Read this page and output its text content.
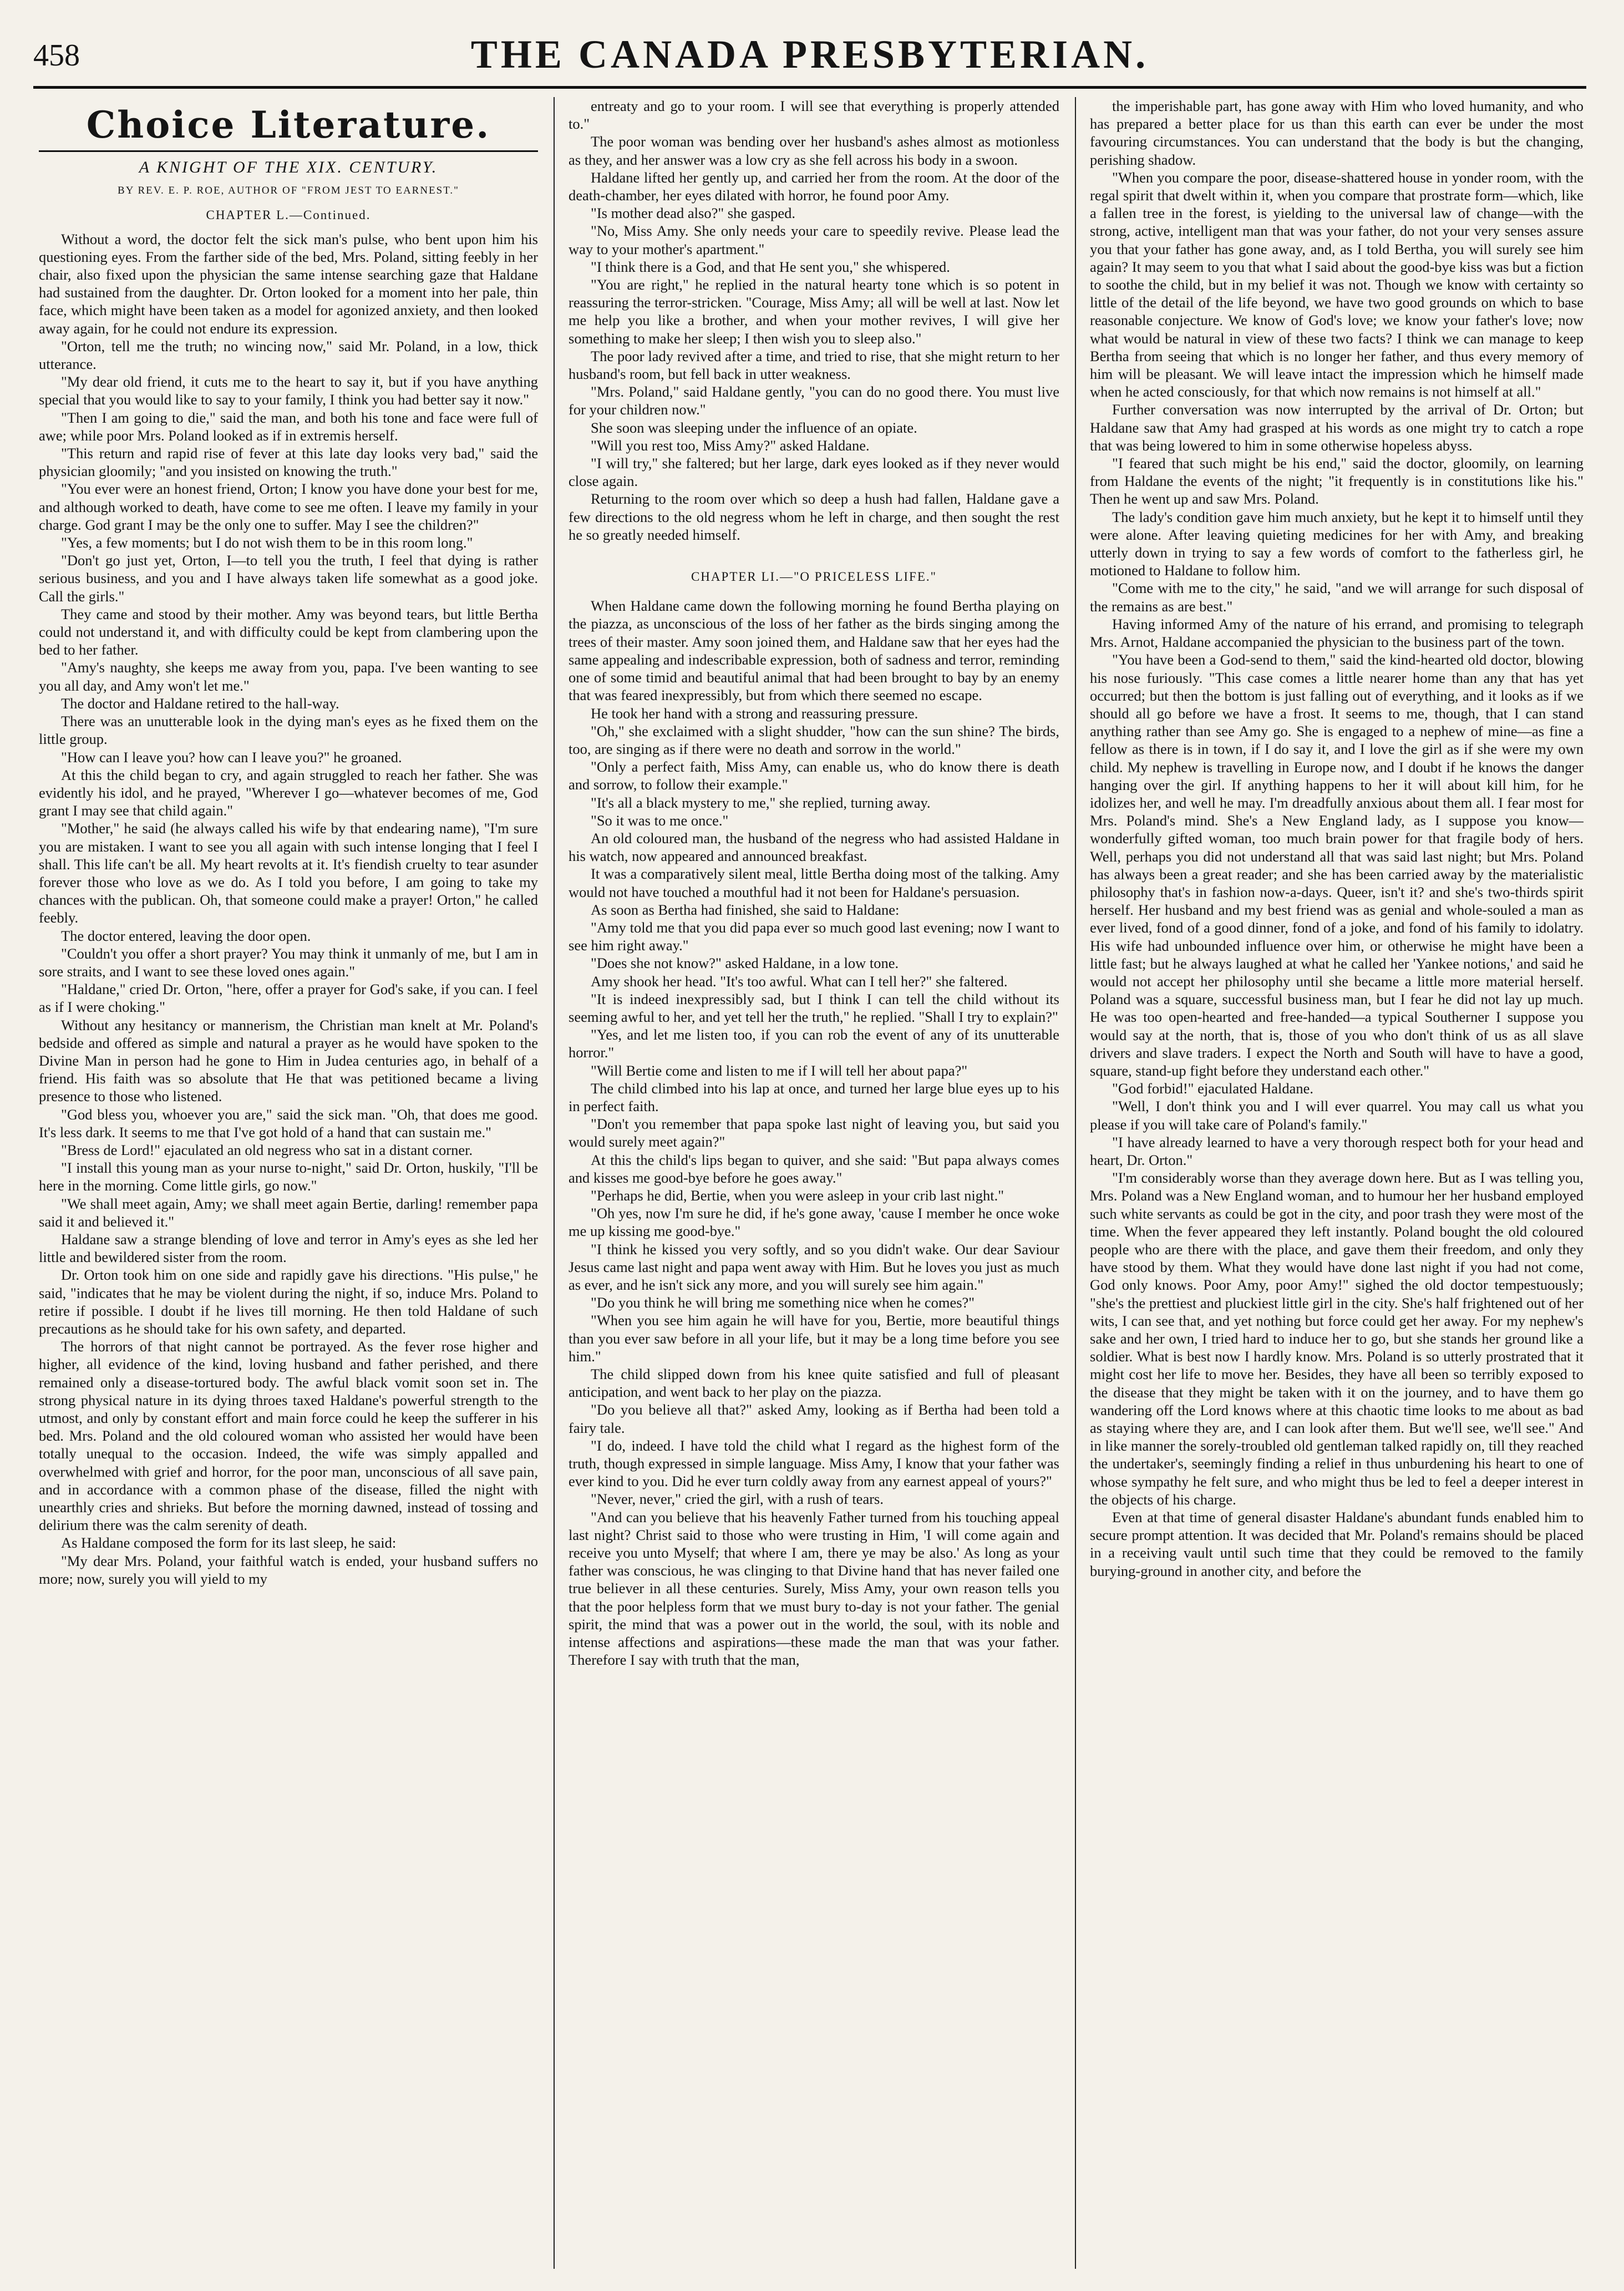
458	THE CANADA PRESBYTERIAN.
Choice Literature.
A KNIGHT OF THE XIX. CENTURY.
BY REV. E. P. ROE, AUTHOR OF "FROM JEST TO EARNEST."
CHAPTER L.—Continued.

Without a word, the doctor felt the sick man's pulse, who bent upon him his questioning eyes. From the farther side of the bed, Mrs. Poland, sitting feebly in her chair, also fixed upon the physician the same intense searching gaze that Haldane had sustained from the daughter. Dr. Orton looked for a moment into her pale, thin face, which might have been taken as a model for agonized anxiety, and then looked away again, for he could not endure its expression.

"Orton, tell me the truth; no wincing now," said Mr. Poland, in a low, thick utterance.

"My dear old friend, it cuts me to the heart to say it, but if you have anything special that you would like to say to your family, I think you had better say it now."

"Then I am going to die," said the man, and both his tone and face were full of awe; while poor Mrs. Poland looked as if in extremis herself.

"This return and rapid rise of fever at this late day looks very bad," said the physician gloomily; "and you insisted on knowing the truth."

"You ever were an honest friend, Orton; I know you have done your best for me, and although worked to death, have come to see me often. I leave my family in your charge. God grant I may be the only one to suffer. May I see the children?"

"Yes, a few moments; but I do not wish them to be in this room long."

"Don't go just yet, Orton, I—to tell you the truth, I feel that dying is rather serious business, and you and I have always taken life somewhat as a good joke. Call the girls."

They came and stood by their mother. Amy was beyond tears, but little Bertha could not understand it, and with difficulty could be kept from clambering upon the bed to her father.

"Amy's naughty, she keeps me away from you, papa. I've been wanting to see you all day, and Amy won't let me."

The doctor and Haldane retired to the hall-way.

There was an unutterable look in the dying man's eyes as he fixed them on the little group.

"How can I leave you? how can I leave you?" he groaned.

At this the child began to cry, and again struggled to reach her father. She was evidently his idol, and he prayed, "Wherever I go—whatever becomes of me, God grant I may see that child again."

"Mother," he said (he always called his wife by that endearing name), "I'm sure you are mistaken. I want to see you all again with such intense longing that I feel I shall. This life can't be all. My heart revolts at it. It's fiendish cruelty to tear asunder forever those who love as we do. As I told you before, I am going to take my chances with the publican. Oh, that someone could make a prayer! Orton," he called feebly.

The doctor entered, leaving the door open.

"Couldn't you offer a short prayer? You may think it unmanly of me, but I am in sore straits, and I want to see these loved ones again."

"Haldane," cried Dr. Orton, "here, offer a prayer for God's sake, if you can. I feel as if I were choking."

Without any hesitancy or mannerism, the Christian man knelt at Mr. Poland's bedside and offered as simple and natural a prayer as he would have spoken to the Divine Man in person had he gone to Him in Judea centuries ago, in behalf of a friend. His faith was so absolute that He that was petitioned became a living presence to those who listened.

"God bless you, whoever you are," said the sick man. "Oh, that does me good. It's less dark. It seems to me that I've got hold of a hand that can sustain me."

"Bress de Lord!" ejaculated an old negress who sat in a distant corner.

"I install this young man as your nurse to-night," said Dr. Orton, huskily, "I'll be here in the morning. Come little girls, go now."

"We shall meet again, Amy; we shall meet again Bertie, darling! remember papa said it and believed it."

Haldane saw a strange blending of love and terror in Amy's eyes as she led her little and bewildered sister from the room.

Dr. Orton took him on one side and rapidly gave his directions. "His pulse," he said, "indicates that he may be violent during the night, if so, induce Mrs. Poland to retire if possible. I doubt if he lives till morning. He then told Haldane of such precautions as he should take for his own safety, and departed.

The horrors of that night cannot be portrayed. As the fever rose higher and higher, all evidence of the kind, loving husband and father perished, and there remained only a disease-tortured body. The awful black vomit soon set in. The strong physical nature in its dying throes taxed Haldane's powerful strength to the utmost, and only by constant effort and main force could he keep the sufferer in his bed. Mrs. Poland and the old coloured woman who assisted her would have been totally unequal to the occasion. Indeed, the wife was simply appalled and overwhelmed with grief and horror, for the poor man, unconscious of all save pain, and in accordance with a common phase of the disease, filled the night with unearthly cries and shrieks. But before the morning dawned, instead of tossing and delirium there was the calm serenity of death.

As Haldane composed the form for its last sleep, he said:

"My dear Mrs. Poland, your faithful watch is ended, your husband suffers no more; now, surely you will yield to my

entreaty and go to your room. I will see that everything is properly attended to."

The poor woman was bending over her husband's ashes almost as motionless as they, and her answer was a low cry as she fell across his body in a swoon.

Haldane lifted her gently up, and carried her from the room. At the door of the death-chamber, her eyes dilated with horror, he found poor Amy.

"Is mother dead also?" she gasped.

"No, Miss Amy. She only needs your care to speedily revive. Please lead the way to your mother's apartment."

"I think there is a God, and that He sent you," she whispered.

"You are right," he replied in the natural hearty tone which is so potent in reassuring the terror-stricken. "Courage, Miss Amy; all will be well at last. Now let me help you like a brother, and when your mother revives, I will give her something to make her sleep; I then wish you to sleep also."

The poor lady revived after a time, and tried to rise, that she might return to her husband's room, but fell back in utter weakness.

"Mrs. Poland," said Haldane gently, "you can do no good there. You must live for your children now."

She soon was sleeping under the influence of an opiate.

"Will you rest too, Miss Amy?" asked Haldane.

"I will try," she faltered; but her large, dark eyes looked as if they never would close again.

Returning to the room over which so deep a hush had fallen, Haldane gave a few directions to the old negress whom he left in charge, and then sought the rest he so greatly needed himself.

CHAPTER LI.—"O PRICELESS LIFE."

When Haldane came down the following morning he found Bertha playing on the piazza, as unconscious of the loss of her father as the birds singing among the trees of their master. Amy soon joined them, and Haldane saw that her eyes had the same appealing and indescribable expression, both of sadness and terror, reminding one of some timid and beautiful animal that had been brought to bay by an enemy that was feared inexpressibly, but from which there seemed no escape.

He took her hand with a strong and reassuring pressure.

"Oh," she exclaimed with a slight shudder, "how can the sun shine? The birds, too, are singing as if there were no death and sorrow in the world."

"Only a perfect faith, Miss Amy, can enable us, who do know there is death and sorrow, to follow their example."

"It's all a black mystery to me," she replied, turning away.

"So it was to me once."

An old coloured man, the husband of the negress who had assisted Haldane in his watch, now appeared and announced breakfast.

It was a comparatively silent meal, little Bertha doing most of the talking. Amy would not have touched a mouthful had it not been for Haldane's persuasion.

As soon as Bertha had finished, she said to Haldane:

"Amy told me that you did papa ever so much good last evening; now I want to see him right away."

"Does she not know?" asked Haldane, in a low tone.

Amy shook her head. "It's too awful. What can I tell her?" she faltered.

"It is indeed inexpressibly sad, but I think I can tell the child without its seeming awful to her, and yet tell her the truth," he replied. "Shall I try to explain?"

"Yes, and let me listen too, if you can rob the event of any of its unutterable horror."

"Will Bertie come and listen to me if I will tell her about papa?"

The child climbed into his lap at once, and turned her large blue eyes up to his in perfect faith.

"Don't you remember that papa spoke last night of leaving you, but said you would surely meet again?"

At this the child's lips began to quiver, and she said: "But papa always comes and kisses me good-bye before he goes away."

"Perhaps he did, Bertie, when you were asleep in your crib last night."

"Oh yes, now I'm sure he did, if he's gone away, 'cause I member he once woke me up kissing me good-bye."

"I think he kissed you very softly, and so you didn't wake. Our dear Saviour Jesus came last night and papa went away with Him. But he loves you just as much as ever, and he isn't sick any more, and you will surely see him again."

"Do you think he will bring me something nice when he comes?"

"When you see him again he will have for you, Bertie, more beautiful things than you ever saw before in all your life, but it may be a long time before you see him."

The child slipped down from his knee quite satisfied and full of pleasant anticipation, and went back to her play on the piazza.

"Do you believe all that?" asked Amy, looking as if Bertha had been told a fairy tale.

"I do, indeed. I have told the child what I regard as the highest form of the truth, though expressed in simple language. Miss Amy, I know that your father was ever kind to you. Did he ever turn coldly away from any earnest appeal of yours?"

"Never, never," cried the girl, with a rush of tears.

"And can you believe that his heavenly Father turned from his touching appeal last night? Christ said to those who were trusting in Him, 'I will come again and receive you unto Myself; that where I am, there ye may be also.' As long as your father was conscious, he was clinging to that Divine hand that has never failed one true believer in all these centuries. Surely, Miss Amy, your own reason tells you that the poor helpless form that we must bury to-day is not your father. The genial spirit, the mind that was a power out in the world, the soul, with its noble and intense affections and aspirations—these made the man that was your father. Therefore I say with truth that the man,

the imperishable part, has gone away with Him who loved humanity, and who has prepared a better place for us than this earth can ever be under the most favouring circumstances. You can understand that the body is but the changing, perishing shadow.

"When you compare the poor, disease-shattered house in yonder room, with the regal spirit that dwelt within it, when you compare that prostrate form—which, like a fallen tree in the forest, is yielding to the universal law of change—with the strong, active, intelligent man that was your father, do not your very senses assure you that your father has gone away, and, as I told Bertha, you will surely see him again? It may seem to you that what I said about the good-bye kiss was but a fiction to soothe the child, but in my belief it was not. Though we know with certainty so little of the detail of the life beyond, we have two good grounds on which to base reasonable conjecture. We know of God's love; we know your father's love; now what would be natural in view of these two facts? I think we can manage to keep Bertha from seeing that which is no longer her father, and thus every memory of him will be pleasant. We will leave intact the impression which he himself made when he acted consciously, for that which now remains is not himself at all."

Further conversation was now interrupted by the arrival of Dr. Orton; but Haldane saw that Amy had grasped at his words as one might try to catch a rope that was being lowered to him in some otherwise hopeless abyss.

"I feared that such might be his end," said the doctor, gloomily, on learning from Haldane the events of the night; "it frequently is in constitutions like his." Then he went up and saw Mrs. Poland.

The lady's condition gave him much anxiety, but he kept it to himself until they were alone. After leaving quieting medicines for her with Amy, and breaking utterly down in trying to say a few words of comfort to the fatherless girl, he motioned to Haldane to follow him.

"Come with me to the city," he said, "and we will arrange for such disposal of the remains as are best."

Having informed Amy of the nature of his errand, and promising to telegraph Mrs. Arnot, Haldane accompanied the physician to the business part of the town.

"You have been a God-send to them," said the kind-hearted old doctor, blowing his nose furiously. "This case comes a little nearer home than any that has yet occurred; but then the bottom is just falling out of everything, and it looks as if we should all go before we have a frost. It seems to me, though, that I can stand anything rather than see Amy go. She is engaged to a nephew of mine—as fine a fellow as there is in town, if I do say it, and I love the girl as if she were my own child. My nephew is travelling in Europe now, and I doubt if he knows the danger hanging over the girl. If anything happens to her it will about kill him, for he idolizes her, and well he may. I'm dreadfully anxious about them all. I fear most for Mrs. Poland's mind. She's a New England lady, as I suppose you know—wonderfully gifted woman, too much brain power for that fragile body of hers. Well, perhaps you did not understand all that was said last night; but Mrs. Poland has always been a great reader; and she has been carried away by the materialistic philosophy that's in fashion now-a-days. Queer, isn't it? and she's two-thirds spirit herself. Her husband and my best friend was as genial and whole-souled a man as ever lived, fond of a good dinner, fond of a joke, and fond of his family to idolatry. His wife had unbounded influence over him, or otherwise he might have been a little fast; but he always laughed at what he called her 'Yankee notions,' and said he would not accept her philosophy until she became a little more material herself. Poland was a square, successful business man, but I fear he did not lay up much. He was too open-hearted and free-handed—a typical Southerner I suppose you would say at the north, that is, those of you who don't think of us as all slave drivers and slave traders. I expect the North and South will have to have a good, square, stand-up fight before they understand each other."

"God forbid!" ejaculated Haldane.

"Well, I don't think you and I will ever quarrel. You may call us what you please if you will take care of Poland's family."

"I have already learned to have a very thorough respect both for your head and heart, Dr. Orton."

"I'm considerably worse than they average down here. But as I was telling you, Mrs. Poland was a New England woman, and to humour her her husband employed such white servants as could be got in the city, and poor trash they were most of the time. When the fever appeared they left instantly. Poland bought the old coloured people who are there with the place, and gave them their freedom, and only they have stood by them. What they would have done last night if you had not come, God only knows. Poor Amy, poor Amy!" sighed the old doctor tempestuously; "she's the prettiest and pluckiest little girl in the city. She's half frightened out of her wits, I can see that, and yet nothing but force could get her away. For my nephew's sake and her own, I tried hard to induce her to go, but she stands her ground like a soldier. What is best now I hardly know. Mrs. Poland is so utterly prostrated that it might cost her life to move her. Besides, they have all been so terribly exposed to the disease that they might be taken with it on the journey, and to have them go wandering off the Lord knows where at this chaotic time looks to me about as bad as staying where they are, and I can look after them. But we'll see, we'll see." And in like manner the sorely-troubled old gentleman talked rapidly on, till they reached the undertaker's, seemingly finding a relief in thus unburdening his heart to one of whose sympathy he felt sure, and who might thus be led to feel a deeper interest in the objects of his charge.

Even at that time of general disaster Haldane's abundant funds enabled him to secure prompt attention. It was decided that Mr. Poland's remains should be placed in a receiving vault until such time that they could be removed to the family burying-ground in another city, and before the
